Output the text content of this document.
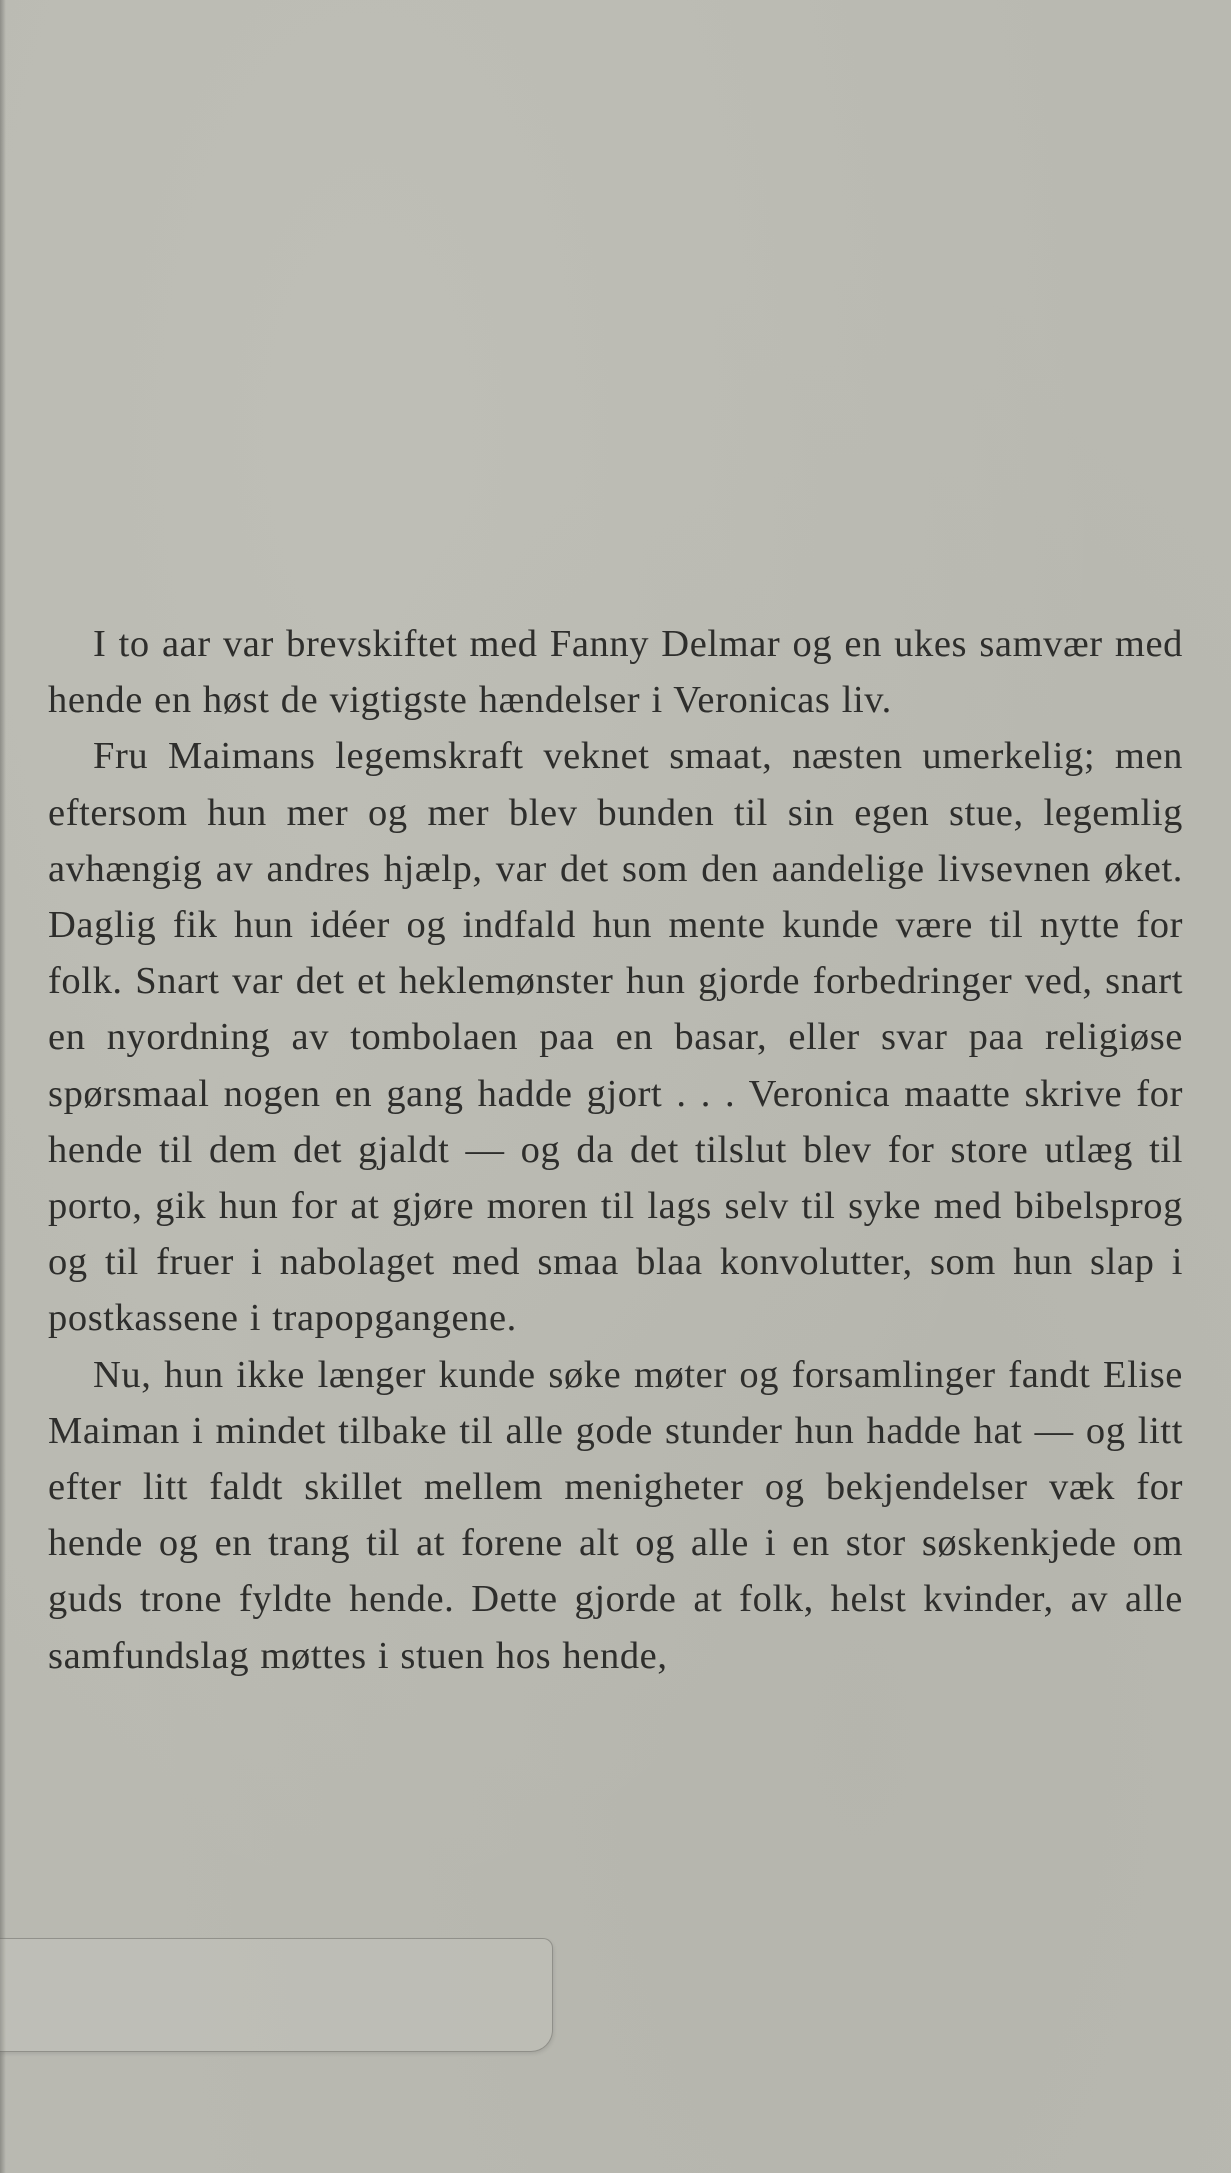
I to aar var brevskiftet med Fanny Delmar og en ukes samvær med hende en høst de vigtigste hændelser i Veronicas liv.

Fru Maimans legemskraft veknet smaat, næsten umerkelig; men eftersom hun mer og mer blev bunden til sin egen stue, legemlig avhængig av andres hjælp, var det som den aandelige livsevnen øket. Daglig fik hun idéer og indfald hun mente kunde være til nytte for folk. Snart var det et heklemønster hun gjorde forbedringer ved, snart en nyordning av tombolaen paa en basar, eller svar paa religiøse spørsmaal nogen en gang hadde gjort . . . Veronica maatte skrive for hende til dem det gjaldt — og da det tilslut blev for store utlæg til porto, gik hun for at gjøre moren til lags selv til syke med bibelsprog og til fruer i nabolaget med smaa blaa konvolutter, som hun slap i postkassene i trapopgangene.

Nu, hun ikke længer kunde søke møter og forsamlinger fandt Elise Maiman i mindet tilbake til alle gode stunder hun hadde hat — og litt efter litt faldt skillet mellem menigheter og bekjendelser væk for hende og en trang til at forene alt og alle i en stor søskenkjede om guds trone fyldte hende. Dette gjorde at folk, helst kvinder, av alle samfundslag møttes i stuen hos hende,
